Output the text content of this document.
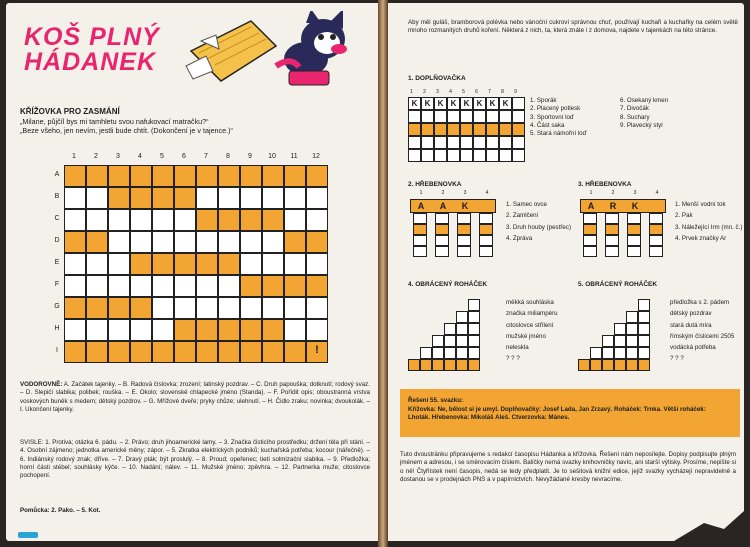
KOŠ PLNÝ
HÁDANEK
KŘÍŽOVKA PRO ZASMÁNÍ
„Milane, půjčíl bys mi tamhletu svou nafukovací matračku?“
„Beze všeho, jen nevím, jestli bude chtít. (Dokončení je v tajence.)“
1	2	3	4	5	6	7	8	9	10	11	12
A
B
C
D
E
F
G
H
I	!
VODOROVNĚ: A. Začátek tajenky. – B. Radová číslovka; zrození; latinský pozdrav. – C. Druh papouška; dotknutí; rodový svaz. – D. Slepičí slabika; polibek; rouška. – E. Okolo; slovenské chlapecké jméno (Standa). – F. Pořídit opis; oboustranná vrstva voskových buněk s medem; dětský pozdrov. – G. Mřížové dveře; pryky chůze; ulehnutí. – H. Čidlo zraku; novinka; dvoukolák. – I. Ukončení tajenky.
SVISLE: 1. Protiva; otázka 6. pádu. – 2. Právo; druh jihoamerické lamy. – 3. Značka čisticího prostředku; držení těla při stání. – 4. Osobní zájmeno; jednotka americké měny; zápor. – 5. Zkratka elektrických podniků; kuchařská potřeba; kocour (nářečně). – 6. Indiánský rodový znak; dříve. – 7. Dravý pták; být proslulý. – 8. Proud; opeřenec; tietí solmizační slabika. – 9. Předložka; horní části stébel; souhlásky kýče. – 10. Nadání; nálev. – 11. Mužské jméno; zpěvhra. – 12. Partnerka muže; citoslovce pochopení.
Pomůcka: 2. Pako. – 5. Kot.
Aby měl guláš, bramborová polévka nebo vánoční cukroví správnou chuť, používají kuchaři a kuchařky na celém světě mnoho rozmanitých druhů koření. Některá z nich, ta, která znáte i z domova, najdete v tajenkách na této stránce.
1. DOPLŇOVAČKA
1	2	3	4	5	6	7	8	9
K K K K K K K K	1. Sporák
2. Placený potlesk
3. Sportovní loď
4. Část saka
5. Stará námořní loď
6. Osekaný kmen
7. Divočák
8. Suchary
9. Plavecký styl
2. HŘEBENOVKA
1	2	3	4
A	A	K	1. Samec ovce
2. Zamlčení
3. Druh houby (pestřec)
4. Zpráva
3. HŘEBENOVKA
1	2	3	4
A	R	K	1. Menší vodní tok
2. Pak
3. Náležející Irm (mn. č.)
4. Prvek značky Ar
4. OBRÁCENÝ ROHÁČEK
měkká souhláska
značka miliampéru
citoslovce střílení
mužské jméno
neleskla
? ? ?
5. OBRÁCENÝ ROHÁČEK
předložka s 2. pádem
dětský pozdrav
stará dutá míra
římským číslicemi 2505
vodácká potřeba
? ? ?
Řešení 55. svazku:
Křížovka: Ne, bělost si je umyl. Doplňovačky: Josef Lada, Jan Zrzavý. Roháček: Trnka. Větší roháček: Lhoták. Hřebenovka: Mikoláš Aleš. Ctverzovka: Mánes.
Tuto dvoustránku připravujeme s redakcí časopisu Hádanka a křížovka. Řešení nám neposílejte. Dopisy podpisujte plným jménem a adresou, i se směrovacím číslem. Balíčky nemá svazky knihovničky navíc, ani starší výtisky. Prosíme, nepište si o ně! Čtyřlístek není časopis, nedá se tedy předplatit. Je to sešitová knižní edice, jejíž svazky vycházejí nepravidelně a dostanou se v prodejnách PNS a v papírnictvích. Nevyžádané kresby nevracíme.
